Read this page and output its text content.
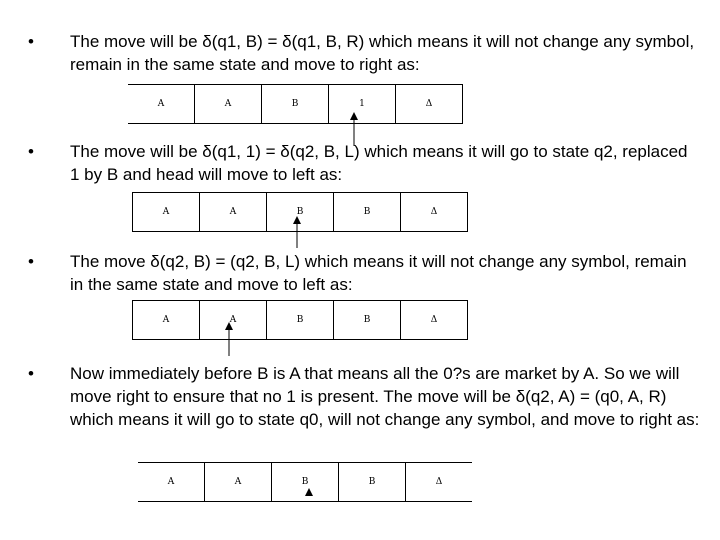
• The move will be δ(q1, B) = δ(q1, B, R) which means it will not change any symbol, remain in the same state and move to right as:
A	A	B	1	Δ
• The move will be δ(q1, 1) = δ(q2, B, L) which means it will go to state q2, replaced 1 by B and head will move to left as:
A	A	B	B	Δ
• The move δ(q2, B) = (q2, B, L) which means it will not change any symbol, remain in the same state and move to left as:
A	A	B	B	Δ
• Now immediately before B is A that means all the 0?s are market by A. So we will move right to ensure that no 1 is present. The move will be δ(q2, A) = (q0, A, R) which means it will go to state q0, will not change any symbol, and move to right as:
A	A	B	B	Δ
